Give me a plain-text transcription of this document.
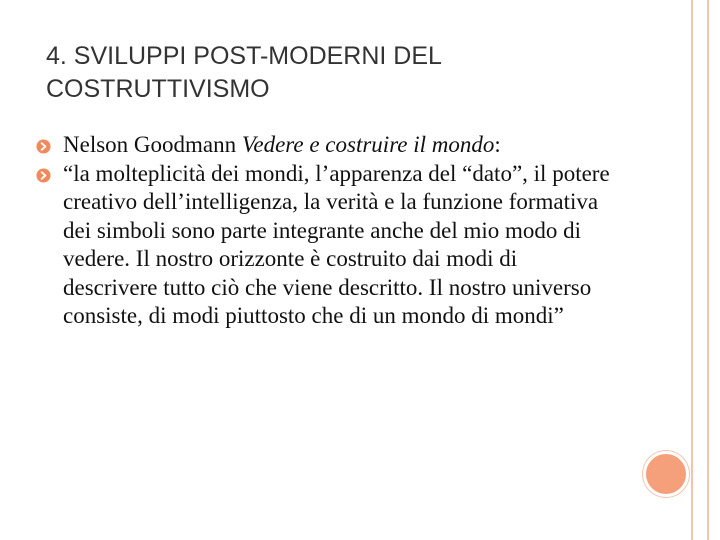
4. SVILUPPI POST-MODERNI DEL COSTRUTTIVISMO
Nelson Goodmann Vedere e costruire il mondo:
“la molteplicità dei mondi, l’apparenza del “dato”, il potere creativo dell’intelligenza, la verità e la funzione formativa dei simboli sono parte integrante anche del mio modo di vedere. Il nostro orizzonte è costruito dai modi di descrivere tutto ciò che viene descritto. Il nostro universo consiste, di modi piuttosto che di un mondo di mondi”
